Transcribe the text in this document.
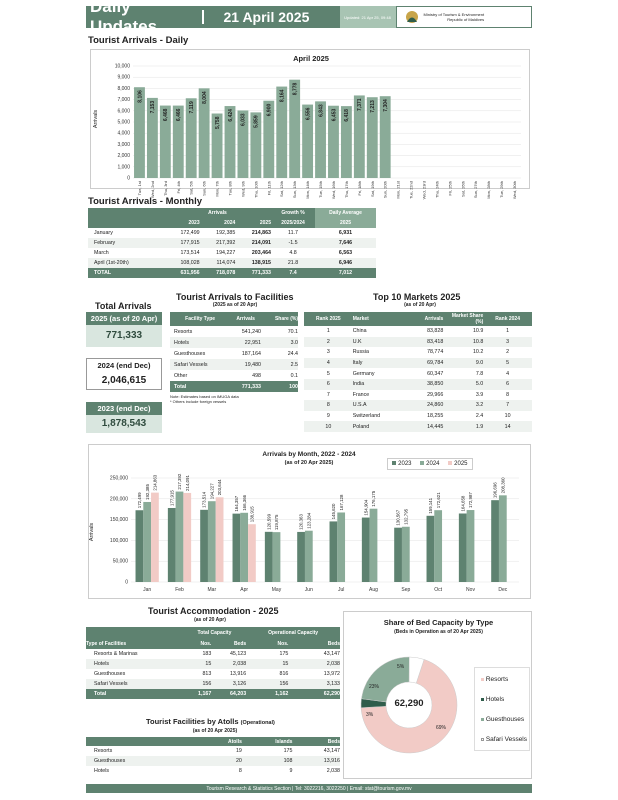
Daily Updates	21 April 2025	Updated: 21 Apr 25, 09:48	Ministry of Tourism & Environment
Republic of Maldives
Tourist Arrivals - Daily
April 2025
Arrivals
0
1,000
2,000
3,000
4,000
5,000
6,000
7,000
8,000
9,000
10,000
8,106
Tue, 1st
7,153
Wed, 2nd
6,468
Thu, 3rd
6,466
Fri, 4th
7,119
Sat, 5th
8,004
Sun, 6th
5,758
Mon, 7th
6,424
Tue, 8th
6,033
Wed, 9th
5,859
Thu, 10th
6,900
Fri, 11th
8,164
Sat, 12th
8,778
Sun, 13th
6,556
Mon, 14th
6,843
Tue, 15th
6,453
Wed, 16th
6,418
Thu, 17th
7,371
Fri, 18th
7,213
Sat, 19th
7,304
Sun, 20th Mon, 21st Tue, 22nd Wed, 23rd Thu, 24th Fri, 25th Sat, 26th Sun, 27th Mon, 28th Tue, 29th Wed, 30th
Tourist Arrivals - Monthly
	Arrivals			Growth %	Daily Average
	2023	2024	2025	2025/2024	2025
January	172,499	192,385	214,863	11.7	6,931
February	177,915	217,392	214,091	-1.5	7,646
March	173,514	194,227	203,464	4.8	6,563
April (1st-20th)	108,028	114,074	138,915	21.8	6,946
TOTAL	631,956	718,078	771,333	7.4	7,012
Total Arrivals
2025 (as of 20 Apr)
771,333
2024 (end Dec)
2,046,615
2023 (end Dec)
1,878,543
Tourist Arrivals to Facilities
(2025 as of 20 Apr)
Facility Type	Arrivals	Share (%)
Resorts	541,240	70.1
Hotels	22,951	3.0
Guesthouses	187,164	24.4
Safari Vessels	19,480	2.5
Other	498	0.1
Total	771,333	100
Note: Estimates based on IMUGA data
* Others include foreign vessels
Top 10 Markets 2025
(as of 20 Apr)
Rank 2025	Market	Arrivals	Market Share (%)	Rank 2024
1	China	83,828	10.9	1
2	U.K	83,418	10.8	3
3	Russia	78,774	10.2	2
4	Italy	69,784	9.0	5
5	Germany	60,347	7.8	4
6	India	38,850	5.0	6
7	France	29,966	3.9	8
8	U.S.A	24,860	3.2	7
9	Switzerland	18,255	2.4	10
10	Poland	14,445	1.9	14
Arrivals by Month, 2022 - 2024
(as of 20 Apr 2025)
Arrivals
0
50,000
100,000
150,000
200,000
250,000
172,499
192,385
214,863
Jan
177,915
217,392 214,091
Feb
173,514
194,227 203,644
Mar
164,357 166,366
138,915
Apr
120,599 119,875
May
120,363 123,284
Jun
145,620
167,128
Jul
154,904
176,175
Aug
130,567 132,795
Sep
159,141 172,621
Oct
164,658 172,987
Nov
196,696 208,360
Dec
2023	2024	2025
Tourist Accommodation - 2025
(as of 20 Apr)
	Total Capacity		Operational Capacity	
Type of Facilities	Nos.	Beds	Nos.	Beds
Resorts & Marinas	183	45,123	175	43,147
Hotels	15	2,038	15	2,038
Guesthouses	813	13,916	816	13,972
Safari Vessels	156	3,126	156	3,133
Total	1,167	64,203	1,162	62,290
Tourist Facilities by Atolls (Operational)
(as of 20 Apr 2025)
	Atolls	Islands	Beds
Resorts	19	175	43,147
Guesthouses	20	108	13,916
Hotels	8	9	2,038
Share of Bed Capacity by Type
(Beds in Operation as of 20 Apr 2025)
62,290
5%
23%
3%
69%
Resorts
Hotels
Guesthouses
Safari Vessels
Tourism Research & Statistics Section | Tel: 3022216, 3022250 | Email: stat@tourism.gov.mv
